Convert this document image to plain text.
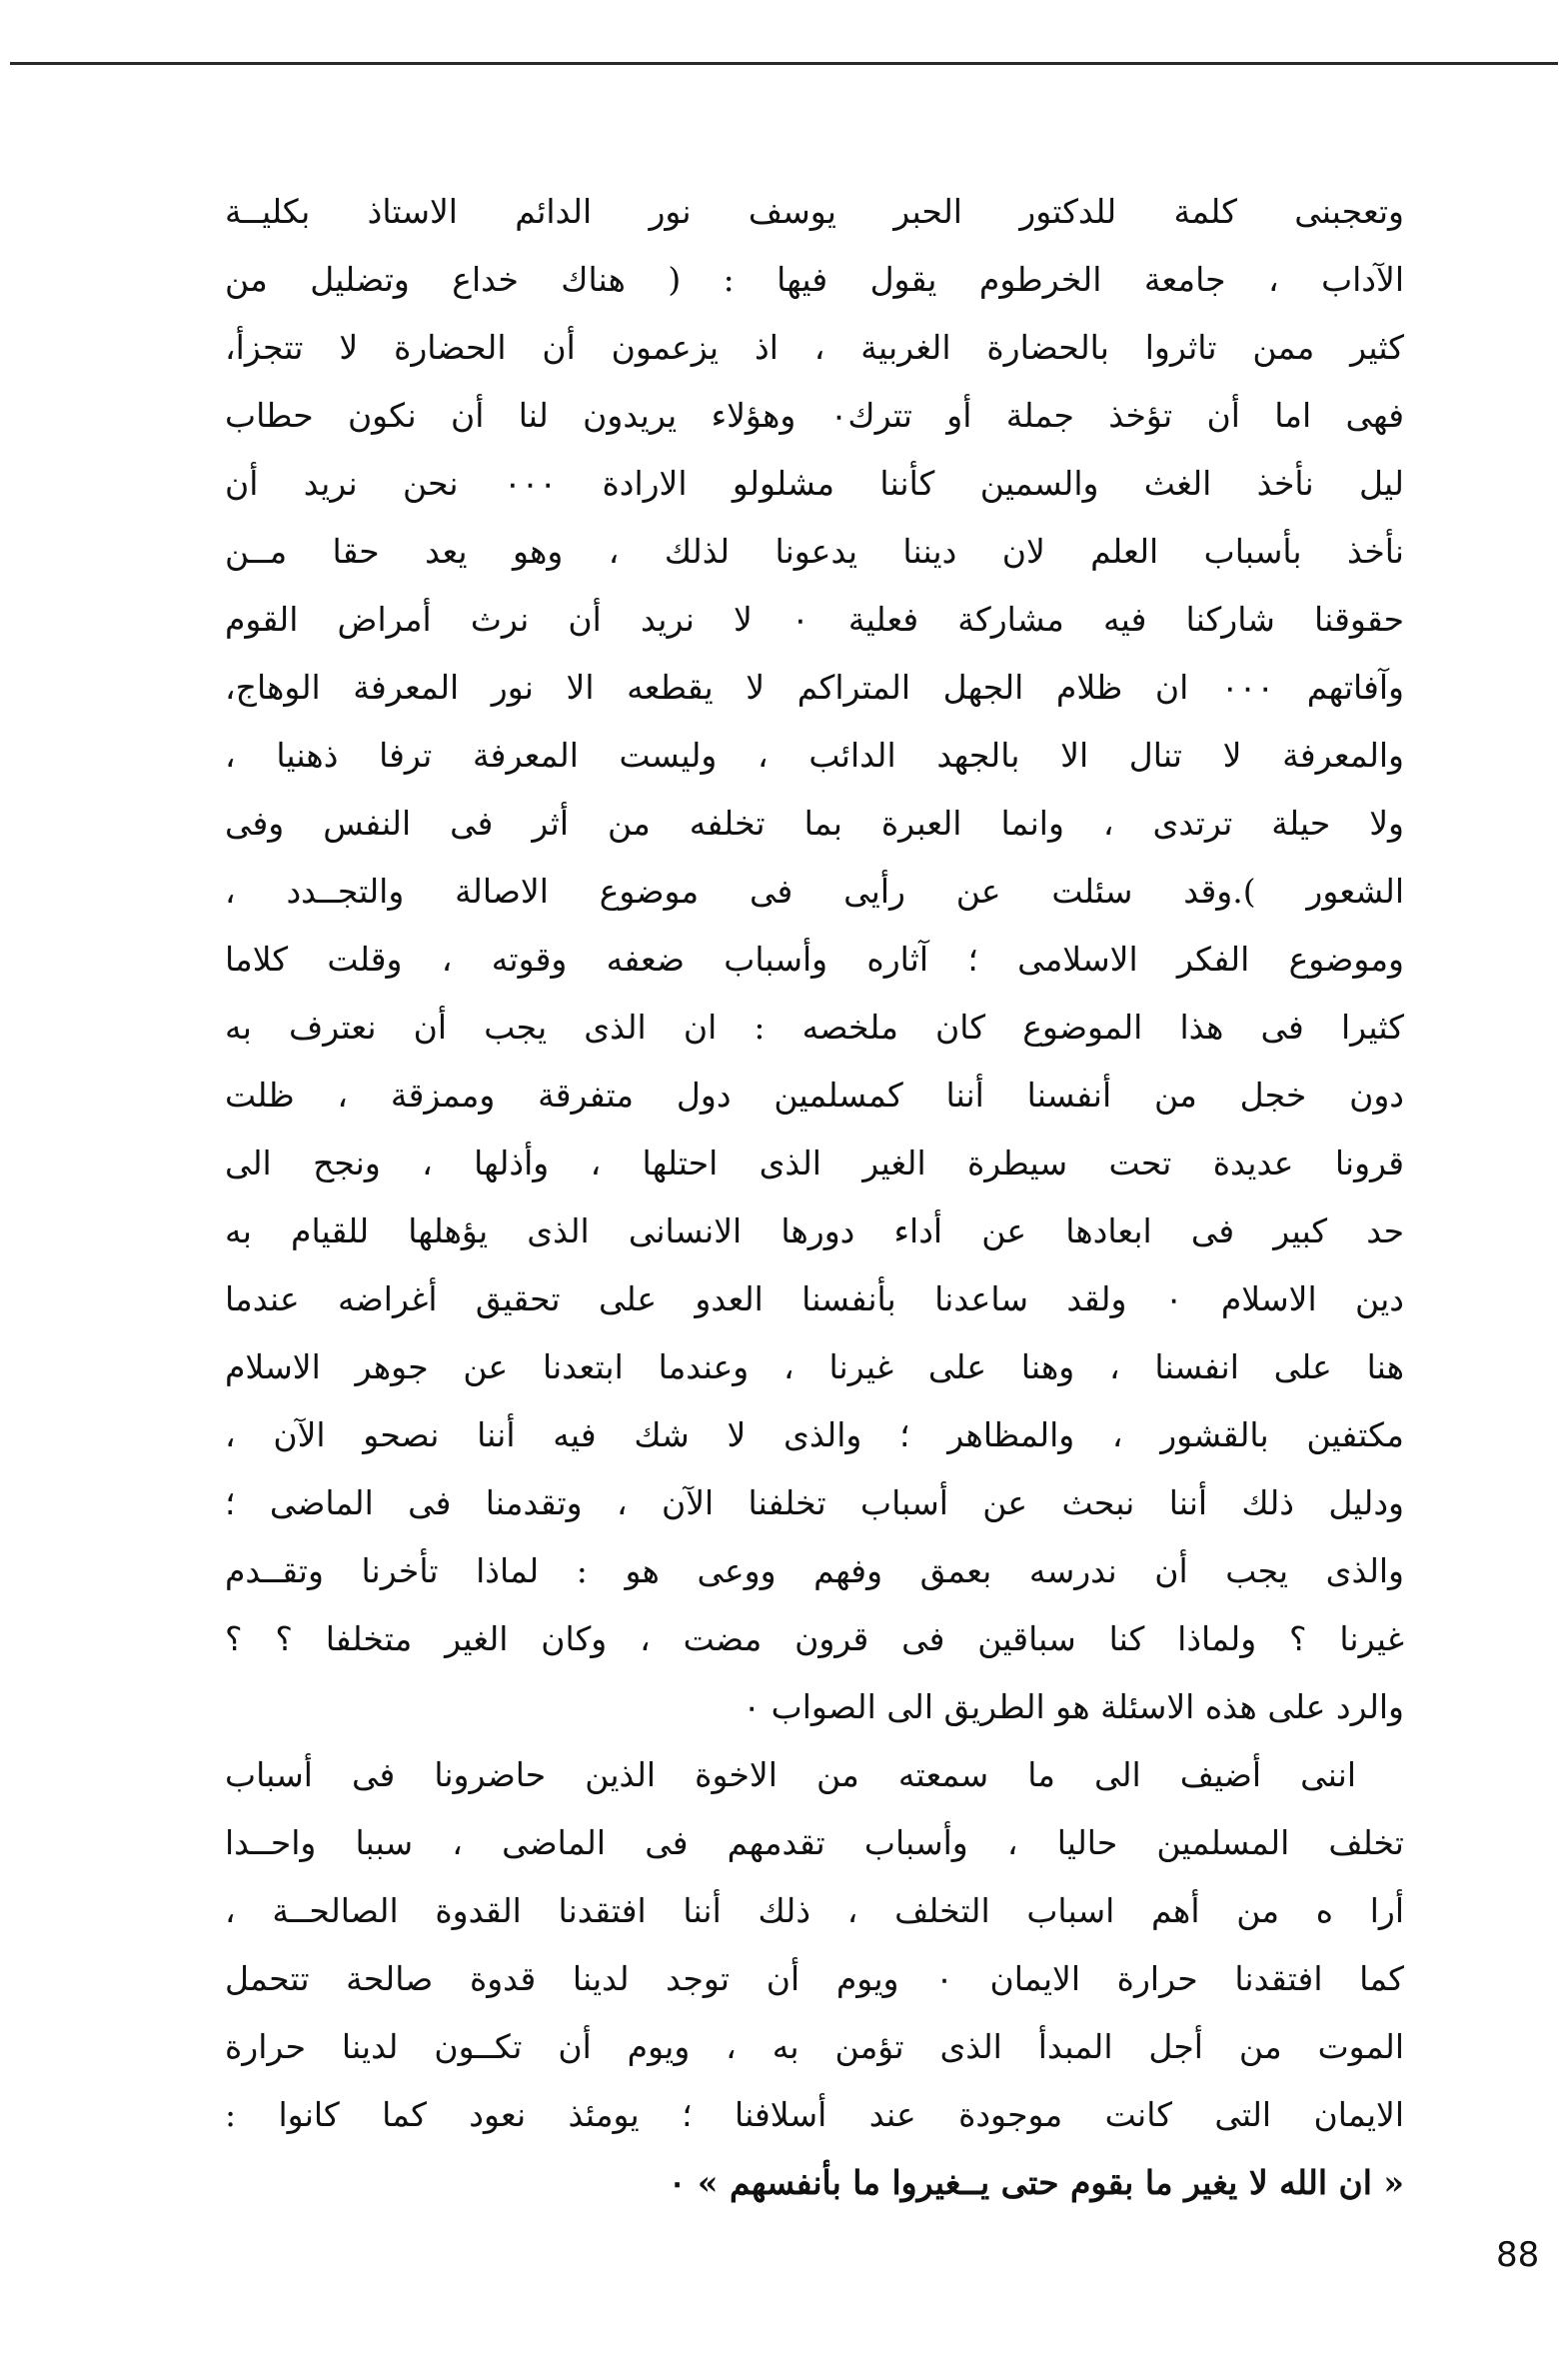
وتعجبنى كلمة للدكتور الحبر يوسف نور الدائم الاستاذ بكليــة
الآداب ، جامعة الخرطوم يقول فيها : ( هناك خداع وتضليل من
كثير ممن تاثروا بالحضارة الغربية ، اذ يزعمون أن الحضارة لا تتجزأ،
فهى اما أن تؤخذ جملة أو تترك٠ وهؤلاء يريدون لنا أن نكون حطاب
ليل نأخذ الغث والسمين كأننا مشلولو الارادة ٠٠٠ نحن نريد أن
نأخذ بأسباب العلم لان ديننا يدعونا لذلك ، وهو يعد حقا مــن
حقوقنا شاركنا فيه مشاركة فعلية ٠ لا نريد أن نرث أمراض القوم
وآفاتهم ٠٠٠ ان ظلام الجهل المتراكم لا يقطعه الا نور المعرفة الوهاج،
والمعرفة لا تنال الا بالجهد الدائب ، وليست المعرفة ترفا ذهنيا ،
ولا حيلة ترتدى ، وانما العبرة بما تخلفه من أثر فى النفس وفى
الشعور ).وقد سئلت عن رأيى فى موضوع الاصالة والتجــدد ،
وموضوع الفكر الاسلامى ؛ آثاره وأسباب ضعفه وقوته ، وقلت كلاما
كثيرا فى هذا الموضوع كان ملخصه : ان الذى يجب أن نعترف به
دون خجل من أنفسنا أننا كمسلمين دول متفرقة وممزقة ، ظلت
قرونا عديدة تحت سيطرة الغير الذى احتلها ، وأذلها ، ونجح الى
حد كبير فى ابعادها عن أداء دورها الانسانى الذى يؤهلها للقيام به
دين الاسلام ٠ ولقد ساعدنا بأنفسنا العدو على تحقيق أغراضه عندما
هنا على انفسنا ، وهنا على غيرنا ، وعندما ابتعدنا عن جوهر الاسلام
مكتفين بالقشور ، والمظاهر ؛ والذى لا شك فيه أننا نصحو الآن ،
ودليل ذلك أننا نبحث عن أسباب تخلفنا الآن ، وتقدمنا فى الماضى ؛
والذى يجب أن ندرسه بعمق وفهم ووعى هو : لماذا تأخرنا وتقــدم
غيرنا ؟ ولماذا كنا سباقين فى قرون مضت ، وكان الغير متخلفا ؟ ؟
والرد على هذه الاسئلة هو الطريق الى الصواب ٠
اننى أضيف الى ما سمعته من الاخوة الذين حاضرونا فى أسباب
تخلف المسلمين حاليا ، وأسباب تقدمهم فى الماضى ، سببا واحــدا
أرا ه من أهم اسباب التخلف ، ذلك أننا افتقدنا القدوة الصالحــة ،
كما افتقدنا حرارة الايمان ٠ ويوم أن توجد لدينا قدوة صالحة تتحمل
الموت من أجل المبدأ الذى تؤمن به ، ويوم أن تكــون لدينا حرارة
الايمان التى كانت موجودة عند أسلافنا ؛ يومئذ نعود كما كانوا :
« ان الله لا يغير ما بقوم حتى يــغيروا ما بأنفسهم » ٠
88
